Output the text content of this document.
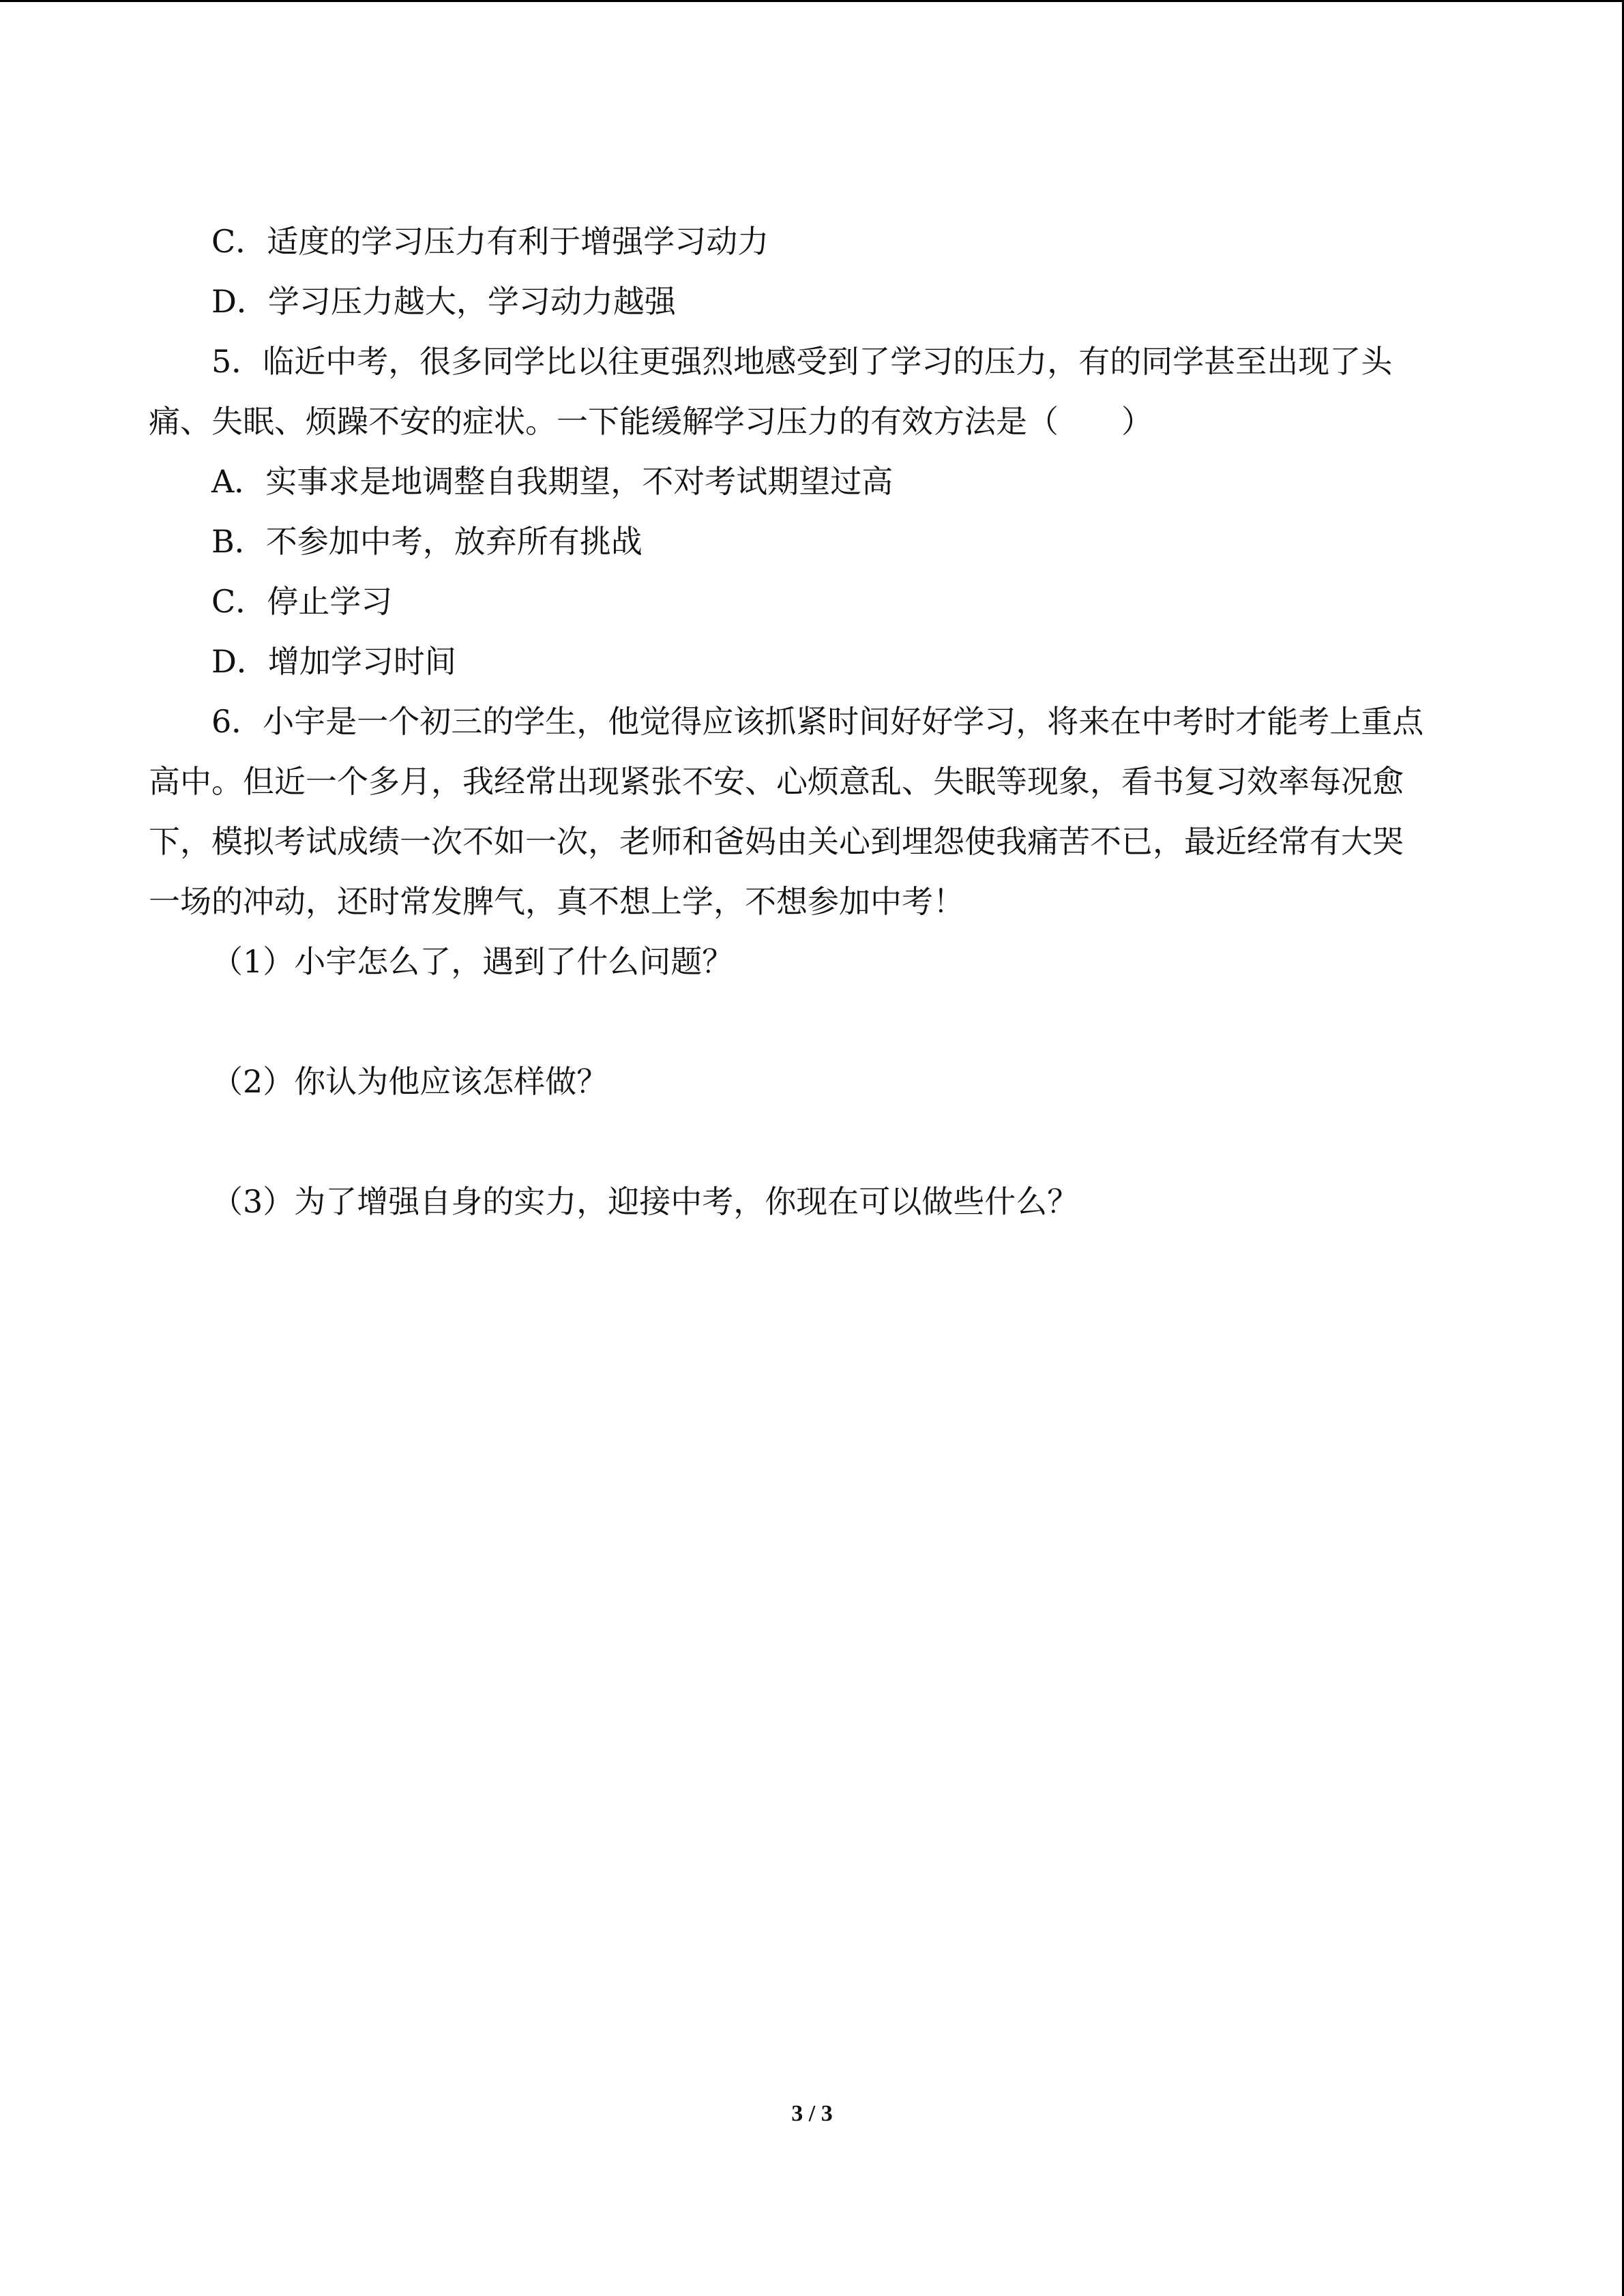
C．适度的学习压力有利于增强学习动力
D．学习压力越大，学习动力越强
5．临近中考，很多同学比以往更强烈地感受到了学习的压力，有的同学甚至出现了头
痛、失眠、烦躁不安的症状。一下能缓解学习压力的有效方法是（　　）
A．实事求是地调整自我期望，不对考试期望过高
B．不参加中考，放弃所有挑战
C．停止学习
D．增加学习时间
6．小宇是一个初三的学生，他觉得应该抓紧时间好好学习，将来在中考时才能考上重点
高中。但近一个多月，我经常出现紧张不安、心烦意乱、失眠等现象，看书复习效率每况愈
下，模拟考试成绩一次不如一次，老师和爸妈由关心到埋怨使我痛苦不已，最近经常有大哭
一场的冲动，还时常发脾气，真不想上学，不想参加中考！
（1）小宇怎么了，遇到了什么问题？
（2）你认为他应该怎样做？
（3）为了增强自身的实力，迎接中考，你现在可以做些什么？
3 / 3
